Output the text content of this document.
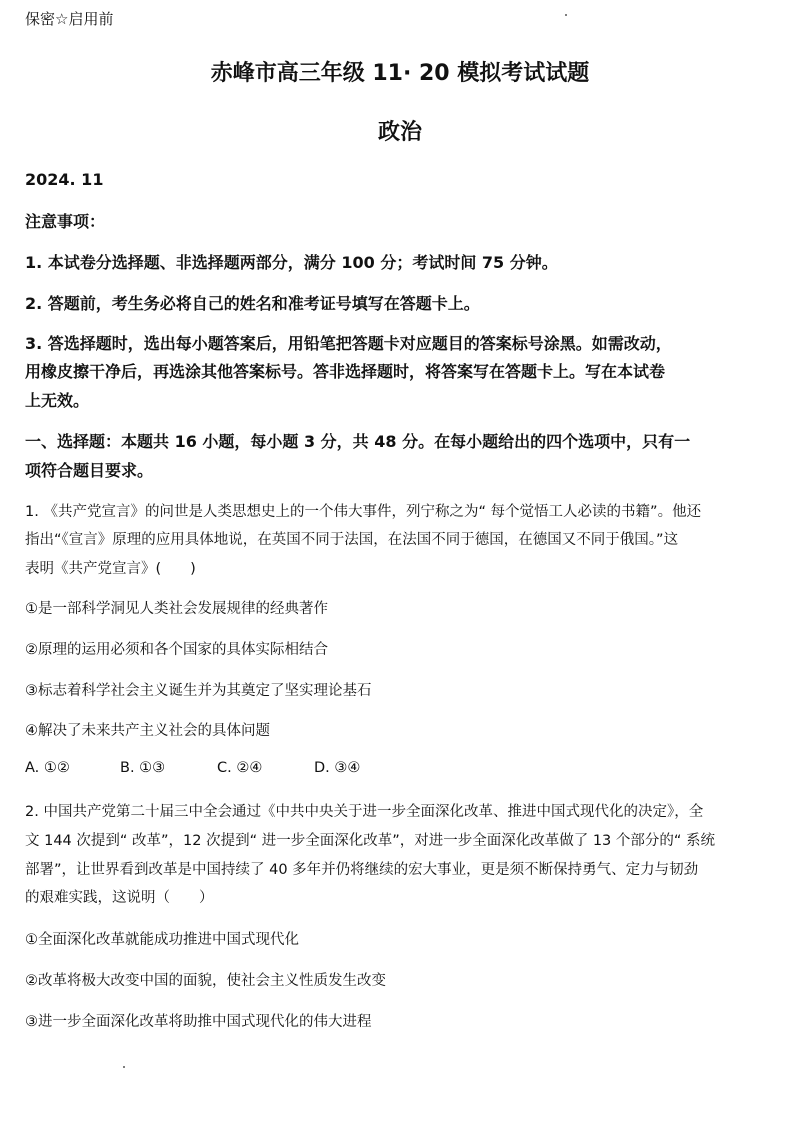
保密☆启用前
赤峰市高三年级 11· 20 模拟考试试题
政治
2024. 11
注意事项：
1. 本试卷分选择题、非选择题两部分，满分 100 分；考试时间 75 分钟。
2. 答题前，考生务必将自己的姓名和准考证号填写在答题卡上。
3. 答选择题时，选出每小题答案后，用铅笔把答题卡对应题目的答案标号涂黑。如需改动，
用橡皮擦干净后，再选涂其他答案标号。答非选择题时，将答案写在答题卡上。写在本试卷
上无效。
一、选择题：本题共 16 小题，每小题 3 分，共 48 分。在每小题给出的四个选项中，只有一
项符合题目要求。
1. 《共产党宣言》的问世是人类思想史上的一个伟大事件，列宁称之为“ 每个觉悟工人必读的书籍”。他还
指出“《宣言》原理的应用具体地说，在英国不同于法国，在法国不同于德国，在德国又不同于俄国。”这
表明《共产党宣言》(　　)
①是一部科学洞见人类社会发展规律的经典著作
②原理的运用必须和各个国家的具体实际相结合
③标志着科学社会主义诞生并为其奠定了坚实理论基石
④解决了未来共产主义社会的具体问题
A. ①②	B. ①③	C. ②④	D. ③④
2. 中国共产党第二十届三中全会通过《中共中央关于进一步全面深化改革、推进中国式现代化的决定》，全
文 144 次提到“ 改革”，12 次提到“ 进一步全面深化改革”，对进一步全面深化改革做了 13 个部分的“ 系统
部署”，让世界看到改革是中国持续了 40 多年并仍将继续的宏大事业，更是须不断保持勇气、定力与韧劲
的艰难实践，这说明（　　）
①全面深化改革就能成功推进中国式现代化
②改革将极大改变中国的面貌，使社会主义性质发生改变
③进一步全面深化改革将助推中国式现代化的伟大进程
